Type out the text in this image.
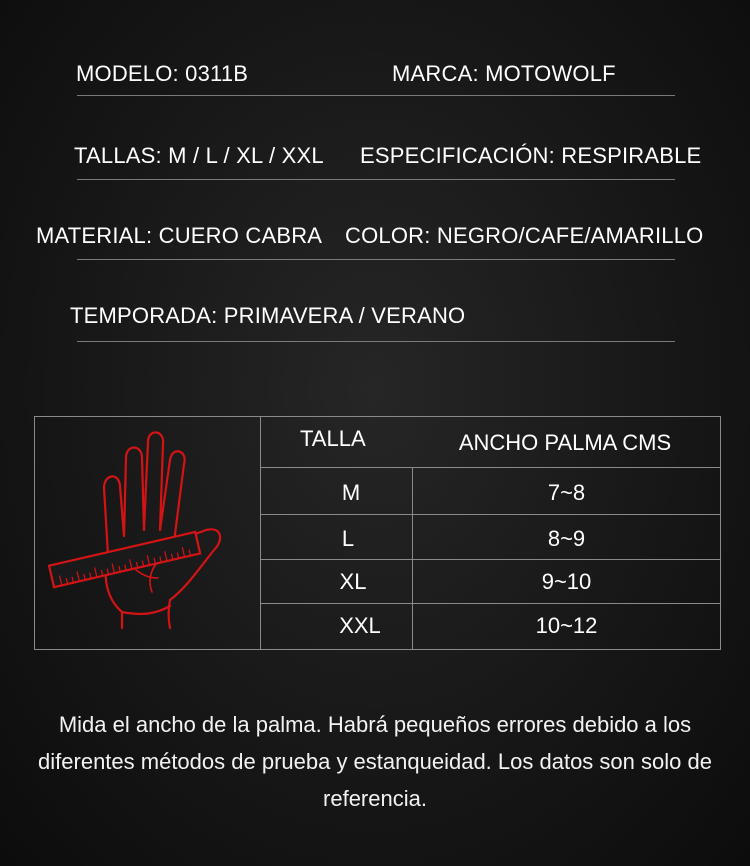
MODELO: 0311B	MARCA: MOTOWOLF
TALLAS: M / L / XL / XXL ESPECIFICACIÓN: RESPIRABLE
MATERIAL: CUERO CABRA COLOR: NEGRO/CAFE/AMARILLO
TEMPORADA: PRIMAVERA / VERANO
TALLA	ANCHO PALMA CMS
M	7~8
L	8~9
XL	9~10
XXL	10~12
Mida el ancho de la palma. Habrá pequeños errores debido a los diferentes métodos de prueba y estanqueidad. Los datos son solo de referencia.
